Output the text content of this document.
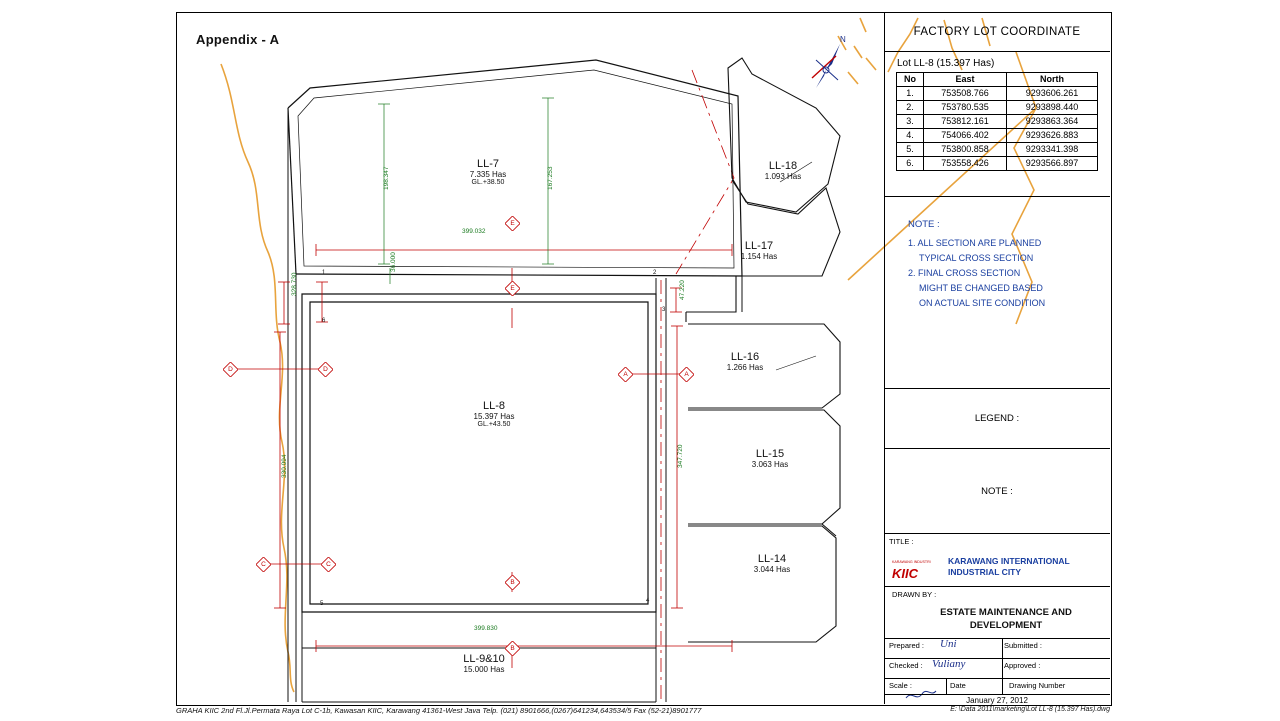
N
Appendix - A
FACTORY LOT COORDINATE
Lot LL-8 (15.397 Has)
No	East	North
1.	753508.766	9293606.261
2.	753780.535	9293898.440
3.	753812.161	9293863.364
4.	754066.402	9293626.883
5.	753800.858	9293341.398
6.	753558.426	9293566.897
NOTE :
1. ALL SECTION ARE PLANNED
TYPICAL CROSS SECTION
2. FINAL CROSS SECTION
MIGHT BE CHANGED BASED
ON ACTUAL SITE CONDITION
LEGEND :
NOTE :
TITLE :
KARAWANG INDUSTRI
KIIC
KARAWANG INTERNATIONAL
INDUSTRIAL CITY
DRAWN BY :
ESTATE MAINTENANCE AND
DEVELOPMENT
Prepared :	Submitted :
Uni
Checked :	Approved :
Vuliany
Scale :	Date	Drawing Number
January 27, 2012
LL-7
7.335 Has
GL.+38.50
LL-18
1.093 Has
LL-17
1.154 Has
LL-16
1.266 Has
LL-15
3.063 Has
LL-14
3.044 Has
LL-8
15.397 Has
GL.+43.50
LL-9&10
15.000 Has
399.032
399.830
198.347	167.253
36.000
47.220
347.720
328.730
330.094
E
E
D	D
A	A
C	C
B
B
1	2
6
3
5	4
GRAHA KIIC 2nd Fl.Jl.Permata Raya Lot C-1b, Kawasan KIIC, Karawang 41361-West Java Telp. (021) 8901666,(0267)641234,643534/5 Fax (52-21)8901777	E: \Data 2011\marketing\Lot LL-8 (15.397 Has).dwg
